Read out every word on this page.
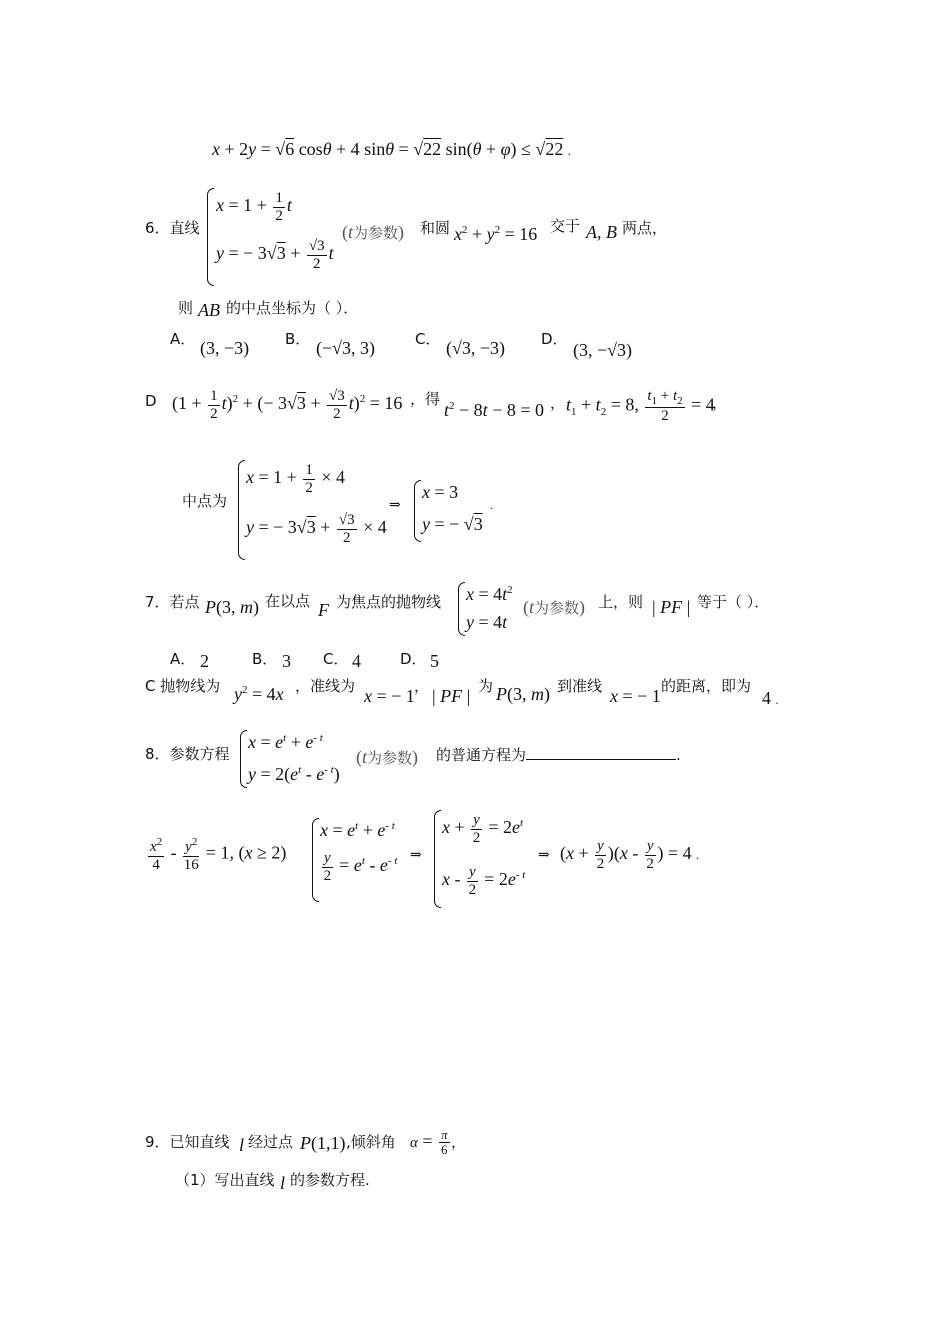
x + 2y = √6 cosθ + 4 sinθ = √22 sin(θ + φ) ≤ √22 .
6．直线
$x = 1 + \frac{1}{2}$ t
y = − $3√3 + \frac{√3}{2}$ t
(t为参数) 和圆 $x^2 + y^2 = 16$ 交于 A, B 两点，
则 AB 的中点坐标为（ ）．
A． (3, −3) B． (−√3, 3)	C． (√3, −3) D．
(3, −√3)
D $(1 + \frac{1}{2} t)^2$ + (− $3√3 + \frac{√3}{2} t)^2 = 16$ ，得
$t^2 - 8t - 8 = 0$ ， $t_1 + t_2 = 8$, $\frac{t_1 + t_2}{2} = 4$
，
中点为
$x = 1 + \frac{1}{2} \times 4$
y = − $3√3 + \frac{√3}{2} \times 4$
⇒
x = 3
y = − √3
.
7．若点 P(3, m) 在以点 F 为焦点的抛物线 $x = 4t^2$
y = 4t
(t为参数) 上，则 | PF | 等于（ ）．
A． 2	B． 3 C． 4	D． 5
C 抛物线为 $y^2 = 4x$ ，准线为 x = − 1 ， | PF | 为 P(3, m) 到准线 x = − 1 的距离，即为
4 .
8．参数方程
$x = e^t + e^{- t}$
$y = 2(e^t - e^{- t})$
(t为参数) 的普通方程为	.
$\frac{x^2}{4} - \frac{y^2}{16} = 1$, (x ≥ 2)
$x = e^t + e^{- t}$
$\frac{y}{2} = e^t - e^{- t}$ ⇒
$x + \frac{y}{2} = 2e^t$
$x - \frac{y}{2} = 2e^{- t}$
⇒ $(x + \frac{y}{2} )(x - \frac{y}{2}$ ) = 4 .
9．已知直线 l 经过点 P(1,1) ,倾斜角 $\alpha = \frac{\pi}{6}$ ，
（1）写出直线 l 的参数方程.
